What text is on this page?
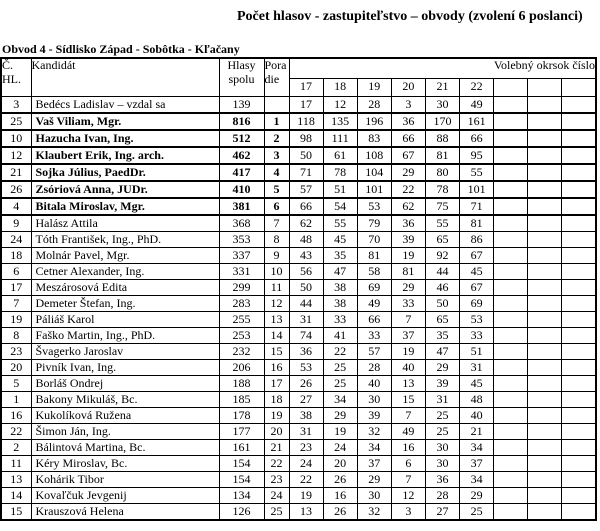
Počet hlasov - zastupiteľstvo – obvody (zvolení 6 poslanci)
Obvod 4 - Sídlisko Západ - Sobôtka - Kľačany
Č.
HL.	Kandidát	Hlasy
spolu	Pora
die	Volebný okrsok číslo								
				17	18	19	20	21	22			
3	Bedécs Ladislav – vzdal sa	139		17	12	28	3	30	49			
25	Vaš Viliam, Mgr.	816	1	118	135	196	36	170	161			
10	Hazucha Ivan, Ing.	512	2	98	111	83	66	88	66			
12	Klaubert Erik, Ing. arch.	462	3	50	61	108	67	81	95			
21	Sojka Július, PaedDr.	417	4	71	78	104	29	80	55			
26	Zsóriová Anna, JUDr.	410	5	57	51	101	22	78	101			
4	Bitala Miroslav, Mgr.	381	6	66	54	53	62	75	71			
9	Halász Attila	368	7	62	55	79	36	55	81			
24	Tóth František, Ing., PhD.	353	8	48	45	70	39	65	86			
18	Molnár Pavel, Mgr.	337	9	43	35	81	19	92	67			
6	Cetner Alexander, Ing.	331	10	56	47	58	81	44	45			
17	Meszárosová Edita	299	11	50	38	69	29	46	67			
7	Demeter Štefan, Ing.	283	12	44	38	49	33	50	69			
19	Páliáš Karol	255	13	31	33	66	7	65	53			
8	Faško Martin, Ing., PhD.	253	14	74	41	33	37	35	33			
23	Švagerko Jaroslav	232	15	36	22	57	19	47	51			
20	Pivník Ivan, Ing.	206	16	53	25	28	40	29	31			
5	Borláš Ondrej	188	17	26	25	40	13	39	45			
1	Bakony Mikuláš, Bc.	185	18	27	34	30	15	31	48			
16	Kukolíková Ružena	178	19	38	29	39	7	25	40			
22	Šimon Ján, Ing.	177	20	31	19	32	49	25	21			
2	Bálintová Martina, Bc.	161	21	23	24	34	16	30	34			
11	Kéry Miroslav, Bc.	154	22	24	20	37	6	30	37			
13	Kohárik Tibor	154	23	22	26	29	7	36	34			
14	Kovaľčuk Jevgenij	134	24	19	16	30	12	28	29			
15	Krauszová Helena	126	25	13	26	32	3	27	25			
